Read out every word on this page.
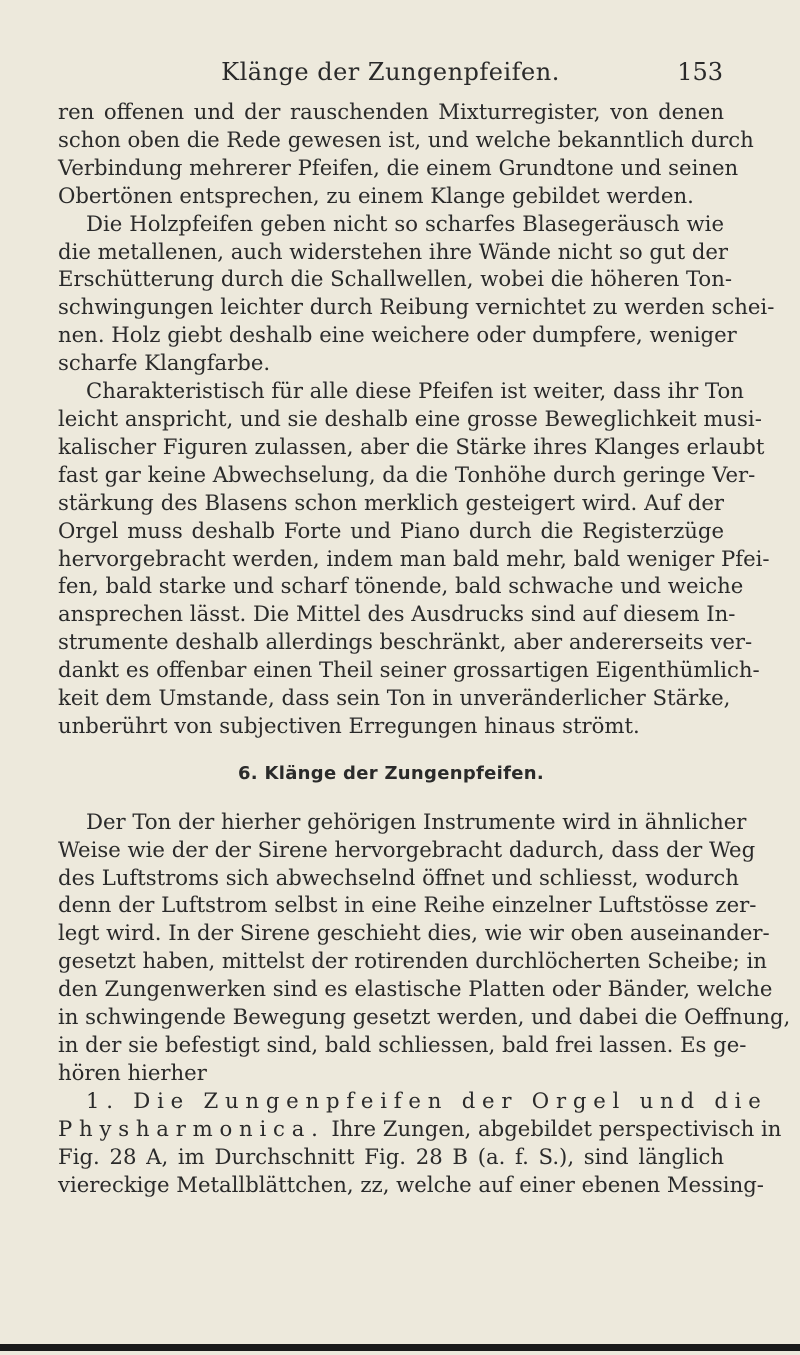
Klänge der Zungenpfeifen.	153
ren offenen und der rauschenden Mixturregister, von denen
schon oben die Rede gewesen ist, und welche bekanntlich durch
Verbindung mehrerer Pfeifen, die einem Grundtone und seinen
Obertönen entsprechen, zu einem Klange gebildet werden.
Die Holzpfeifen geben nicht so scharfes Blasegeräusch wie
die metallenen, auch widerstehen ihre Wände nicht so gut der
Erschütterung durch die Schallwellen, wobei die höheren Ton-
schwingungen leichter durch Reibung vernichtet zu werden schei-
nen. Holz giebt deshalb eine weichere oder dumpfere, weniger
scharfe Klangfarbe.
Charakteristisch für alle diese Pfeifen ist weiter, dass ihr Ton
leicht anspricht, und sie deshalb eine grosse Beweglichkeit musi-
kalischer Figuren zulassen, aber die Stärke ihres Klanges erlaubt
fast gar keine Abwechselung, da die Tonhöhe durch geringe Ver-
stärkung des Blasens schon merklich gesteigert wird. Auf der
Orgel muss deshalb Forte und Piano durch die Registerzüge
hervorgebracht werden, indem man bald mehr, bald weniger Pfei-
fen, bald starke und scharf tönende, bald schwache und weiche
ansprechen lässt. Die Mittel des Ausdrucks sind auf diesem In-
strumente deshalb allerdings beschränkt, aber andererseits ver-
dankt es offenbar einen Theil seiner grossartigen Eigenthümlich-
keit dem Umstande, dass sein Ton in unveränderlicher Stärke,
unberührt von subjectiven Erregungen hinaus strömt.
6. Klänge der Zungenpfeifen.
Der Ton der hierher gehörigen Instrumente wird in ähnlicher
Weise wie der der Sirene hervorgebracht dadurch, dass der Weg
des Luftstroms sich abwechselnd öffnet und schliesst, wodurch
denn der Luftstrom selbst in eine Reihe einzelner Luftstösse zer-
legt wird. In der Sirene geschieht dies, wie wir oben auseinander-
gesetzt haben, mittelst der rotirenden durchlöcherten Scheibe; in
den Zungenwerken sind es elastische Platten oder Bänder, welche
in schwingende Bewegung gesetzt werden, und dabei die Oeffnung,
in der sie befestigt sind, bald schliessen, bald frei lassen. Es ge-
hören hierher
1. Die Zungenpfeifen der Orgel und die
Physharmonica. Ihre Zungen, abgebildet perspectivisch in
Fig. 28 A, im Durchschnitt Fig. 28 B (a. f. S.), sind länglich
viereckige Metallblättchen, zz, welche auf einer ebenen Messing-
